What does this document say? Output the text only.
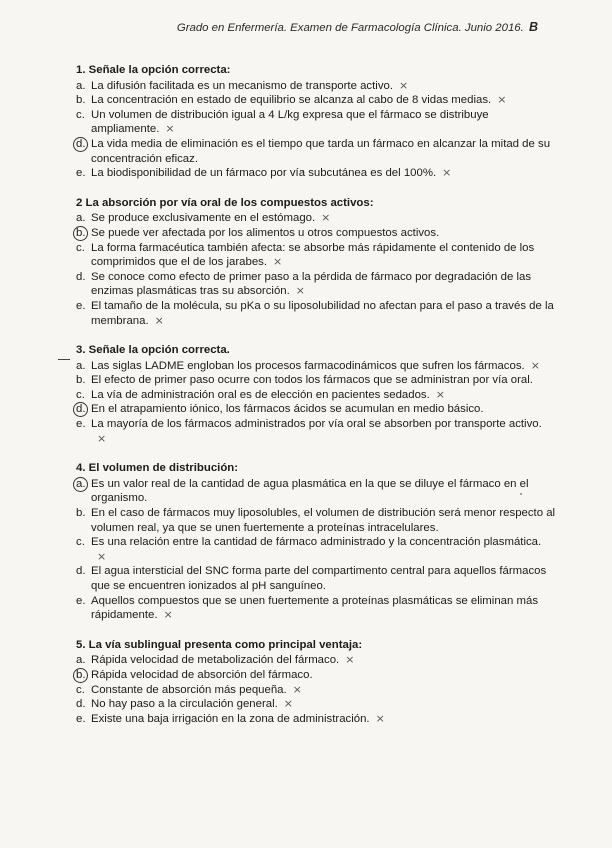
Grado en Enfermería. Examen de Farmacología Clínica. Junio 2016. B
1. Señale la opción correcta:
a. La difusión facilitada es un mecanismo de transporte activo. ×
b. La concentración en estado de equilibrio se alcanza al cabo de 8 vidas medias. ×
c. Un volumen de distribución igual a 4 L/kg expresa que el fármaco se distribuye ampliamente. ×
d. La vida media de eliminación es el tiempo que tarda un fármaco en alcanzar la mitad de su concentración eficaz.
e. La biodisponibilidad de un fármaco por vía subcutánea es del 100%. ×
2 La absorción por vía oral de los compuestos activos:
a. Se produce exclusivamente en el estómago. ×
b. Se puede ver afectada por los alimentos u otros compuestos activos.
c. La forma farmacéutica también afecta: se absorbe más rápidamente el contenido de los comprimidos que el de los jarabes. ×
d. Se conoce como efecto de primer paso a la pérdida de fármaco por degradación de las enzimas plasmáticas tras su absorción. ×
e. El tamaño de la molécula, su pKa o su liposolubilidad no afectan para el paso a través de la membrana. ×
3. Señale la opción correcta.
a. Las siglas LADME engloban los procesos farmacodinámicos que sufren los fármacos. ×
b. El efecto de primer paso ocurre con todos los fármacos que se administran por vía oral.
c. La vía de administración oral es de elección en pacientes sedados. ×
d. En el atrapamiento iónico, los fármacos ácidos se acumulan en medio básico.
e. La mayoría de los fármacos administrados por vía oral se absorben por transporte activo.×
4. El volumen de distribución:
a. Es un valor real de la cantidad de agua plasmática en la que se diluye el fármaco en el organismo.
b. En el caso de fármacos muy liposolubles, el volumen de distribución será menor respecto al volumen real, ya que se unen fuertemente a proteínas intracelulares.
c. Es una relación entre la cantidad de fármaco administrado y la concentración plasmática.×
d. El agua intersticial del SNC forma parte del compartimento central para aquellos fármacos que se encuentren ionizados al pH sanguíneo.
e. Aquellos compuestos que se unen fuertemente a proteínas plasmáticas se eliminan más rápidamente. ×
5. La vía sublingual presenta como principal ventaja:
a. Rápida velocidad de metabolización del fármaco. ×
b. Rápida velocidad de absorción del fármaco.
c. Constante de absorción más pequeña. ×
d. No hay paso a la circulación general. ×
e. Existe una baja irrigación en la zona de administración. ×
